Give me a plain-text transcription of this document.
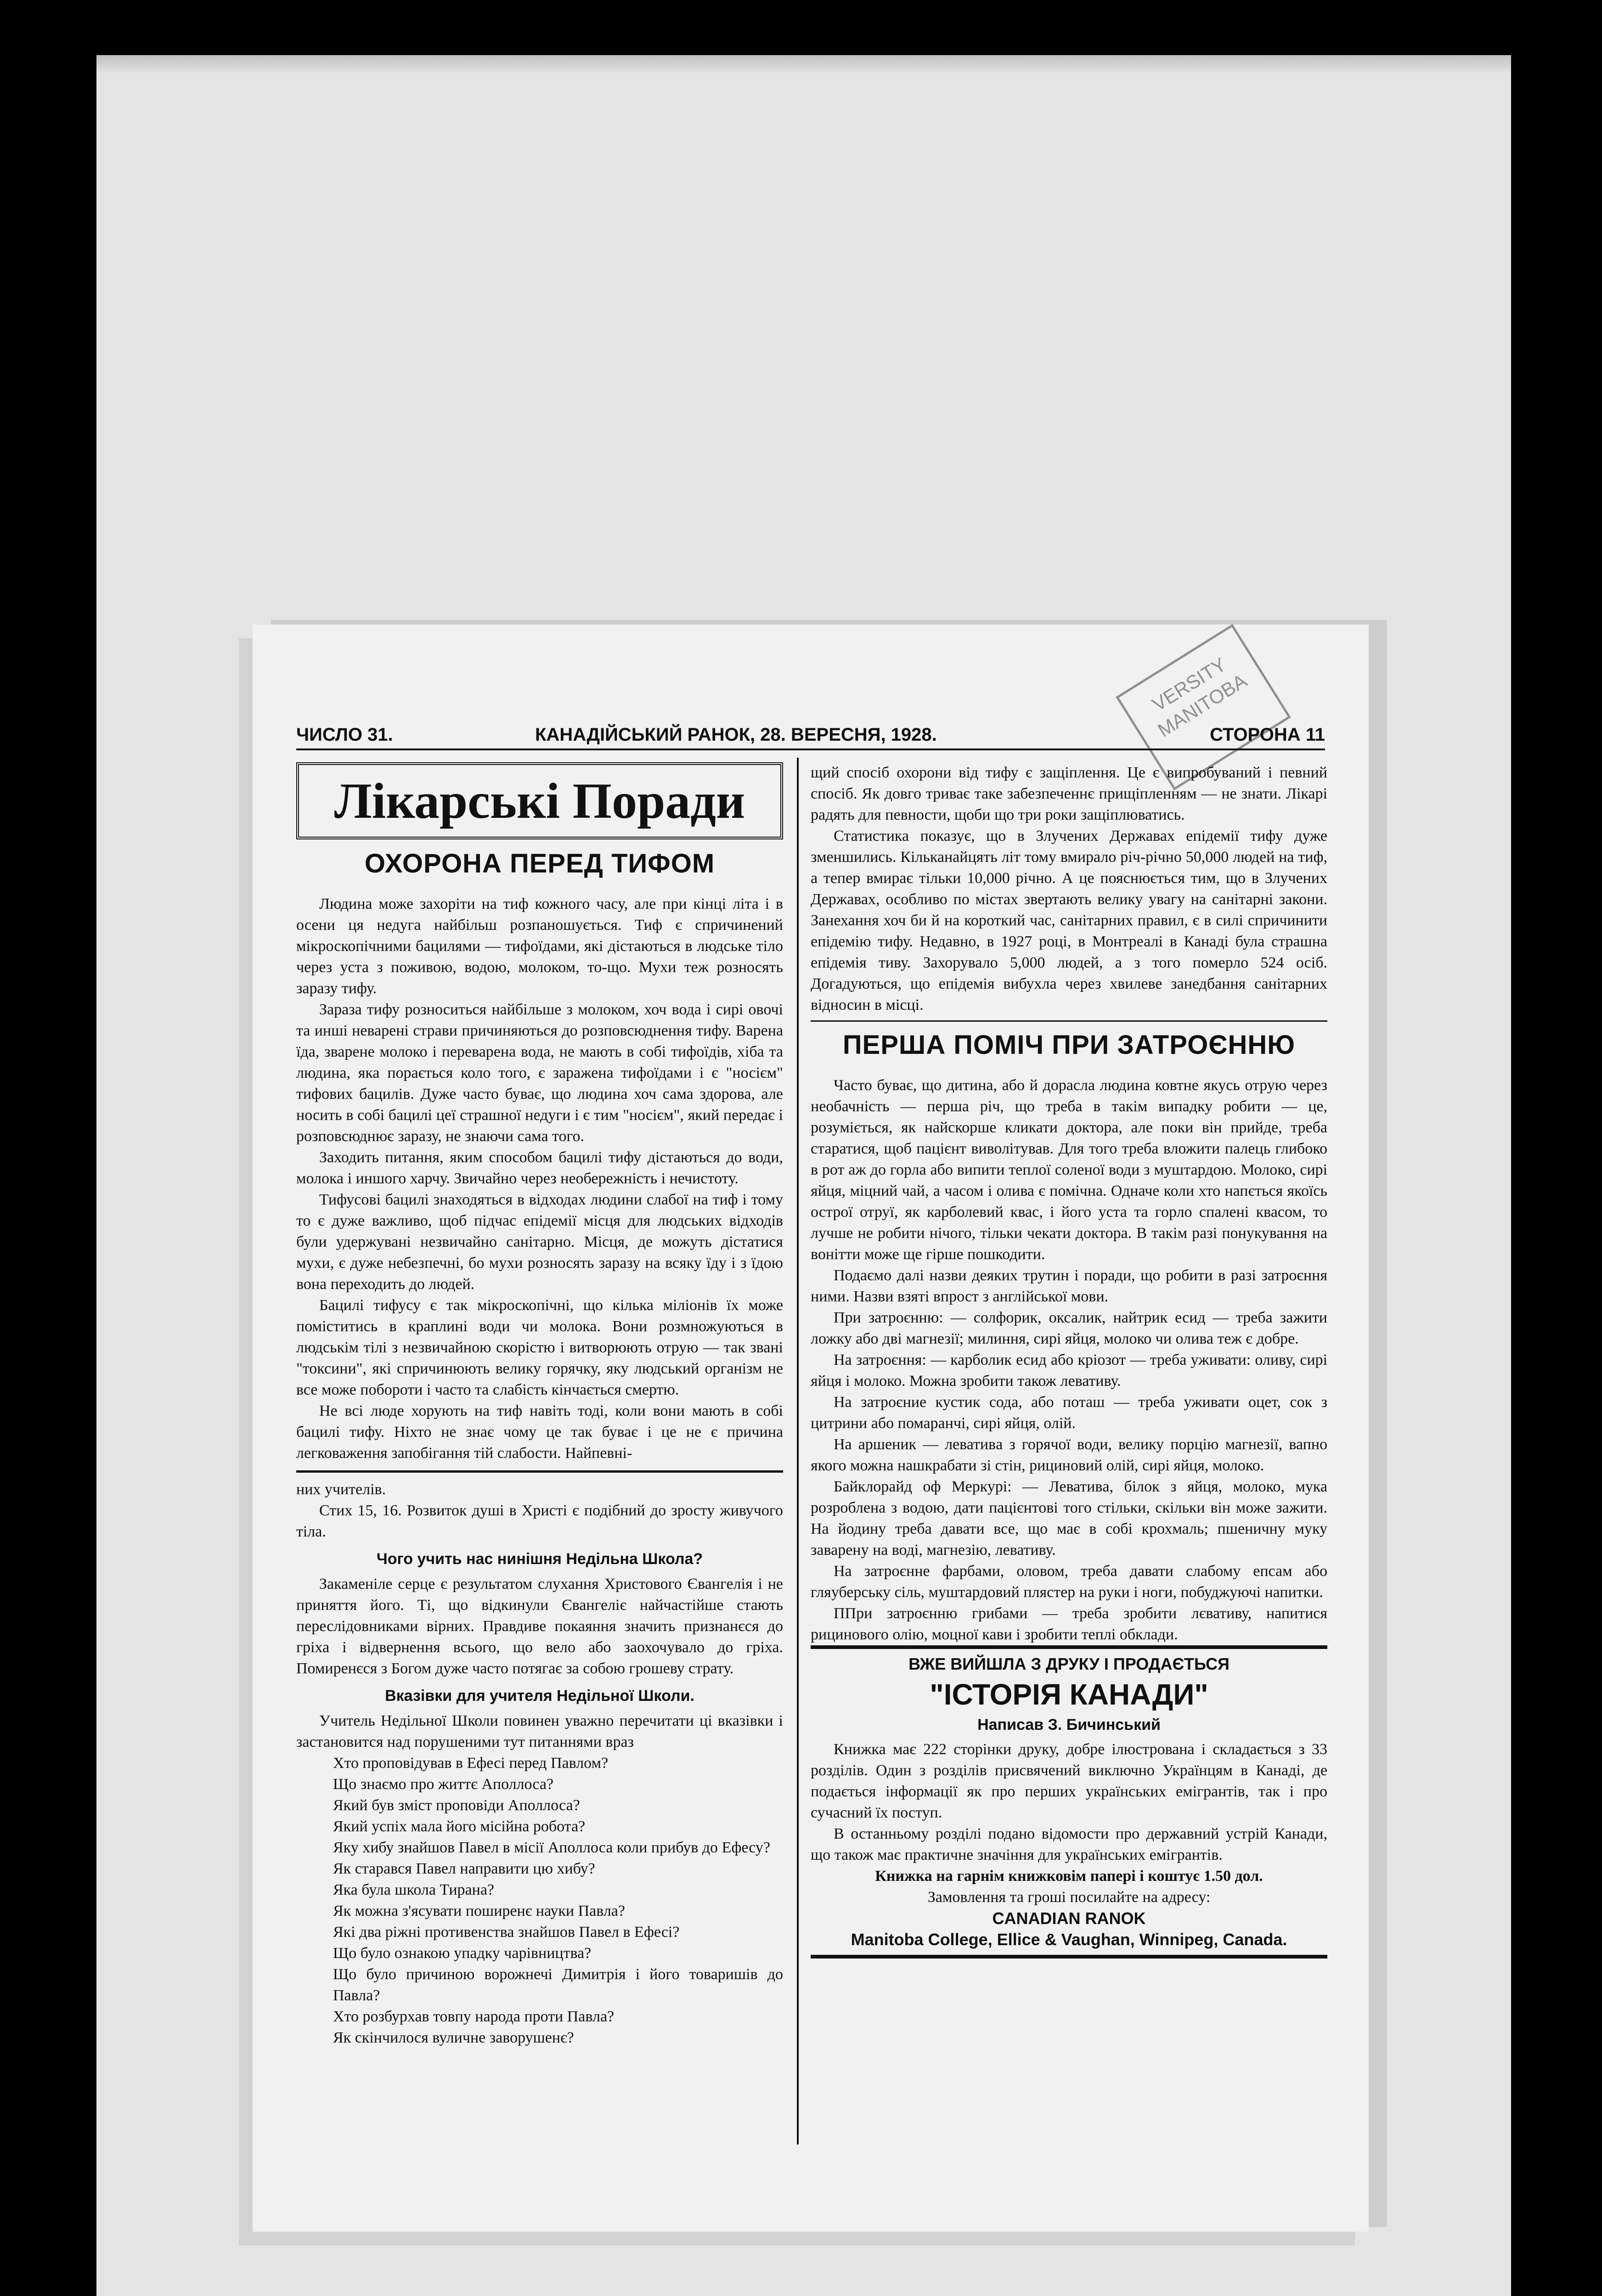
VERSITY MANITOBA
ЧИСЛО 31.	КАНАДІЙСЬКИЙ РАНОК, 28. ВЕРЕСНЯ, 1928.	СТОРОНА 11
Лікарські Поради
ОХОРОНА ПЕРЕД ТИФОМ

Людина може захоріти на тиф кожного часу, але при кінці літа і в осени ця недуга найбільш розпаношується. Тиф є спричинений мікроскопічними бацилями — тифоїдами, які дістаються в людське тіло через уста з поживою, водою, молоком, то-що. Мухи теж розносять заразу тифу.

Зараза тифу розноситься найбільше з молоком, хоч вода і сирі овочі та инші неварені страви причиняються до розповсюднення тифу. Варена їда, зварене молоко і переварена вода, не мають в собі тифоїдів, хіба та людина, яка порається коло того, є заражена тифоїдами і є "носієм" тифових бацилів. Дуже часто буває, що людина хоч сама здорова, але носить в собі бацилі цеї страшної недуги і є тим "носієм", який передає і розповсюднює заразу, не знаючи сама того.

Заходить питання, яким способом бацилі тифу дістаються до води, молока і иншого харчу. Звичайно через необережність і нечистоту.

Тифусові бацилі знаходяться в відходах людини слабої на тиф і тому то є дуже важливо, щоб підчас епідемії місця для людських відходів були удержувані незвичайно санітарно. Місця, де можуть дістатися мухи, є дуже небезпечні, бо мухи розносять заразу на всяку їду і з їдою вона переходить до людей.

Бацилі тифусу є так мікроскопічні, що кілька міліонів їх може поміститись в краплині води чи молока. Вони розмножуються в людськім тілі з незвичайною скорістю і витворюють отрую — так звані "токсини", які спричинюють велику горячку, яку людський організм не все може побороти і часто та слабість кінчається смертю.

Не всі люде хорують на тиф навіть тоді, коли вони мають в собі бацилі тифу. Ніхто не знає чому це так буває і це не є причина легковаження запобігання тій слабости. Найпевні-

них учителів.

Стих 15, 16. Розвиток душі в Христі є подібний до зросту живучого тіла.

Чого учить нас нинішня Недільна Школа?

Закаменіле серце є результатом слухання Христового Євангелія і не приняття його. Ті, що відкинули Євангеліє найчастійше стають переслідовниками вірних. Правдиве покаяння значить признанєся до гріха і відвернення всього, що вело або заохочувало до гріха. Помиренєся з Богом дуже часто потягає за собою грошеву страту.

Вказівки для учителя Недільної Школи.

Учитель Недільної Школи повинен уважно перечитати ці вказівки і застановится над порушеними тут питаннями враз

Хто проповідував в Ефесі перед Павлом?
Що знаємо про життє Аполлоса?
Який був зміст проповіди Аполлоса?
Який успіх мала його місійна робота?
Яку хибу знайшов Павел в місії Аполлоса коли прибув до Ефесу?
Як старався Павел направити цю хибу?
Яка була школа Тирана?
Як можна з'ясувати поширенє науки Павла?
Які два ріжні противенства знайшов Павел в Ефесі?
Що було ознакою упадку чарівництва?
Що було причиною ворожнечі Димитрія і його товаришів до Павла?
Хто розбурхав товпу народа проти Павла?
Як скінчилося вуличне заворушенє?

щий спосіб охорони від тифу є защіплення. Це є випробуваний і певний спосіб. Як довго триває таке забезпеченнє прищіпленням — не знати. Лікарі радять для певности, щоби що три роки защіплюватись.

Статистика показує, що в Злучених Державах епідемії тифу дуже зменшились. Кільканайцять літ тому вмирало річ-річно 50,000 людей на тиф, а тепер вмирає тільки 10,000 річно. А це пояснюється тим, що в Злучених Державах, особливо по містах звертають велику увагу на санітарні закони. Занехання хоч би й на короткий час, санітарних правил, є в силі спричинити епідемію тифу. Недавно, в 1927 році, в Монтреалі в Канаді була страшна епідемія тиву. Захорувало 5,000 людей, а з того померло 524 осіб. Догадуються, що епідемія вибухла через хвилеве занедбання санітарних відносин в місці.

ПЕРША ПОМІЧ ПРИ ЗАТРОЄННЮ

Часто буває, що дитина, або й дорасла людина ковтне якусь отрую через необачність — перша річ, що треба в такім випадку робити — це, розуміється, як найскорше кликати доктора, але поки він прийде, треба старатися, щоб пацієнт виволітував. Для того треба вложити палець глибоко в рот аж до горла або випити теплої соленої води з муштардою. Молоко, сирі яйця, міцний чай, а часом і олива є помічна. Одначе коли хто напється якоїсь острої отруї, як карболевий квас, і його уста та горло спалені квасом, то лучше не робити нічого, тільки чекати доктора. В такім разі понукування на вонітти може ще гірше пошкодити.

Подаємо далі назви деяких трутин і поради, що робити в разі затроєння ними. Назви взяті впрост з англійської мови.

При затроєнню: — солфорик, оксалик, найтрик есид — треба зажити ложку або дві магнезії; милиння, сирі яйця, молоко чи олива теж є добре.

На затроєння: — карболик есид або кріозот — треба уживати: оливу, сирі яйця і молоко. Можна зробити також левативу.

На затроєние кустик сода, або поташ — треба уживати оцет, сок з цитрини або помаранчі, сирі яйця, олій.

На аршеник — левативa з горячої води, велику порцію магнезії, вапно якого можна нашкрабати зі стін, рициновий олій, сирі яйця, молоко.

Байклорайд оф Меркурі: — Левативa, білок з яйця, молоко, мука розроблена з водою, дати пацієнтові того стільки, скільки він може зажити. На йодину треба давати все, що має в собі крохмаль; пшеничну муку заварену на воді, магнезію, левативу.

На затроєнне фарбами, оловом, треба давати слабому епсам або гляуберську сіль, муштардовий плястер на руки і ноги, побуджуючі напитки.

ППри затроєнню грибами — треба зробити лєвативу, напитися рицинового олію, моцної кави і зробити теплі обклади.

ВЖЕ ВИЙШЛА З ДРУКУ І ПРОДАЄТЬСЯ
"ІСТОРІЯ КАНАДИ"
Написав З. Бичинський

Книжка має 222 сторінки друку, добре ілюстрована і складається з 33 розділів. Один з розділів присвячений виключно Українцям в Канаді, де подається інформації як про перших українських емігрантів, так і про сучасний їх поступ.

В останньому розділі подано відомости про державний устрій Канади, що також має практичне значіння для українських емігрантів.

Книжка на гарнім книжковім папері і коштує 1.50 дол.

Замовлення та гроші посилайте на адресу:

CANADIAN RANOK
Manitoba College, Ellice & Vaughan, Winnipeg, Canada.
